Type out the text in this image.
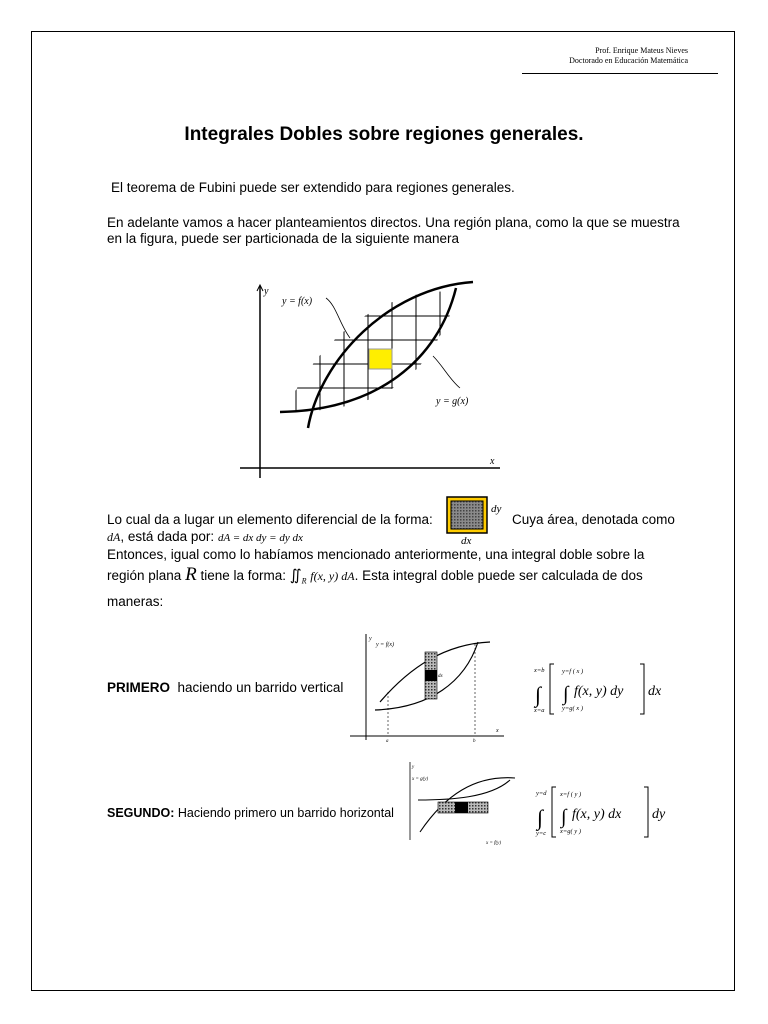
Prof. Enrique Mateus Nieves
Doctorado en Educación Matemática
Integrales Dobles sobre regiones generales.
El teorema de Fubini puede ser extendido para regiones generales.
En adelante vamos a hacer planteamientos directos. Una región plana, como la que se muestra
en la figura, puede ser particionada de la siguiente manera
y
x
y = f(x)
y = g(x)
Lo cual da a lugar un elemento diferencial de la forma:
dy
dx
Cuya área, denotada como
dA, está dada por: dA = dx dy = dy dx
Entonces, igual como lo habíamos mencionado anteriormente, una integral doble sobre la
región plana R tiene la forma: $∬_R$ f(x, y) dA. Esta integral doble puede ser calculada de dos
maneras:
PRIMERO haciendo un barrido vertical
y
x
dx
y = f(x)
a	b
x=b
∫
x=a
y=f ( x )
∫
y=g( x )
f(x, y) dy dx
SEGUNDO: Haciendo primero un barrido horizontal
y
x = g(y)
x = f(y)
y=d
∫
y=c
x=f ( y )
∫
x=g( y )
f(x, y) dx dy
